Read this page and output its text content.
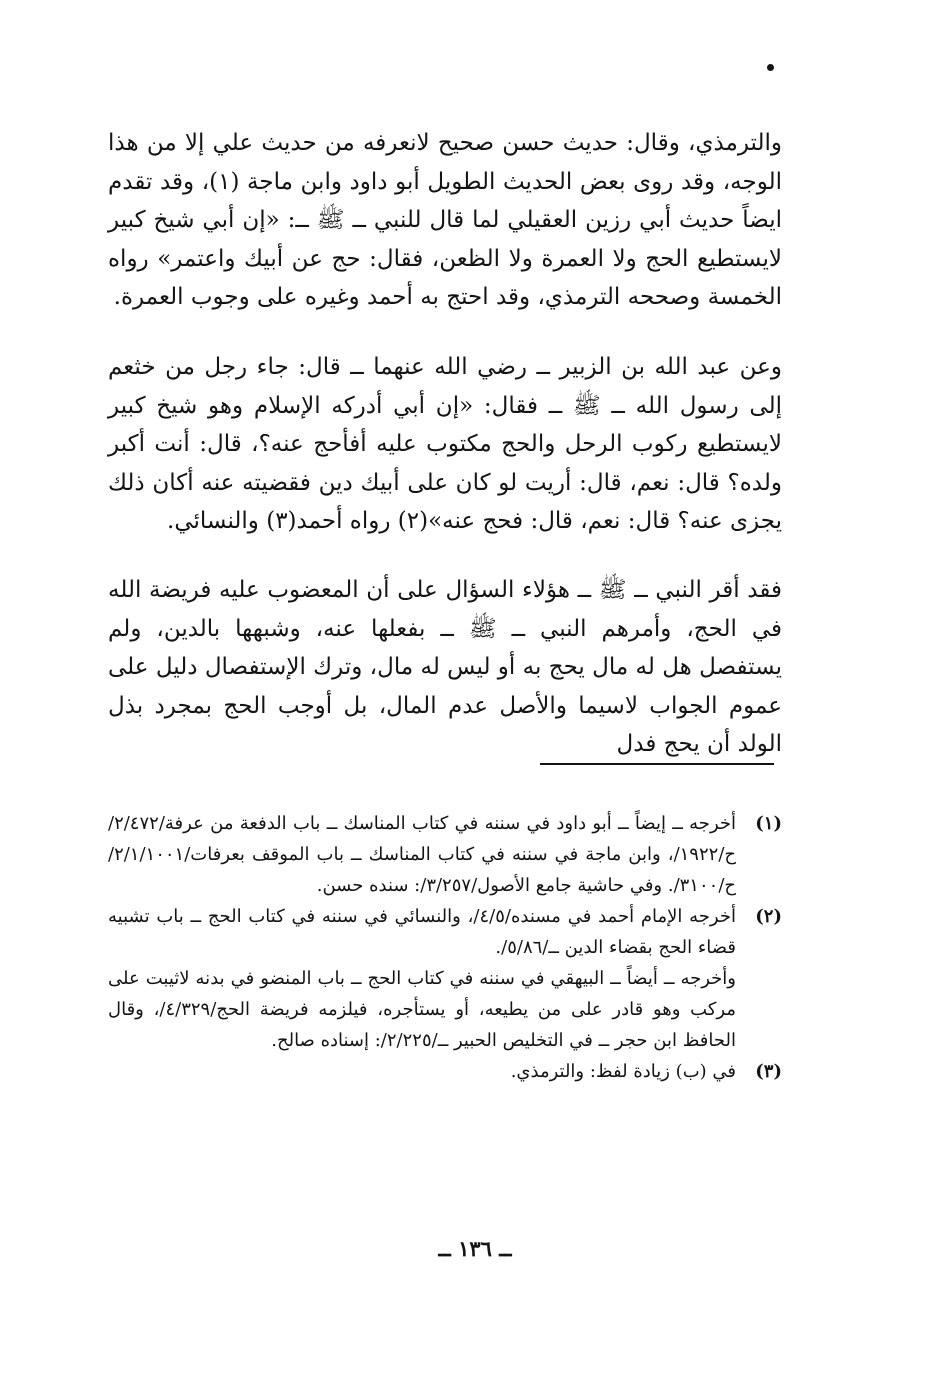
والترمذي، وقال: حديث حسن صحيح لانعرفه من حديث علي إلا من هذا الوجه، وقد روى بعض الحديث الطويل أبو داود وابن ماجة (١)، وقد تقدم ايضاً حديث أبي رزين العقيلي لما قال للنبي ــ ﷺ ــ: «إن أبي شيخ كبير لايستطيع الحج ولا العمرة ولا الظعن، فقال: حج عن أبيك واعتمر» رواه الخمسة وصححه الترمذي، وقد احتج به أحمد وغيره على وجوب العمرة.
وعن عبد الله بن الزبير ــ رضي الله عنهما ــ قال: جاء رجل من خثعم إلى رسول الله ــ ﷺ ــ فقال: «إن أبي أدركه الإسلام وهو شيخ كبير لايستطيع ركوب الرحل والحج مكتوب عليه أفأحج عنه؟، قال: أنت أكبر ولده؟ قال: نعم، قال: أريت لو كان على أبيك دين فقضيته عنه أكان ذلك يجزى عنه؟ قال: نعم، قال: فحج عنه»(٢) رواه أحمد(٣) والنسائي.
فقد أقر النبي ــ ﷺ ــ هؤلاء السؤال على أن المعضوب عليه فريضة الله في الحج، وأمرهم النبي ــ ﷺ ــ بفعلها عنه، وشبهها بالدين، ولم يستفصل هل له مال يحج به أو ليس له مال، وترك الإستفصال دليل على عموم الجواب لاسيما والأصل عدم المال، بل أوجب الحج بمجرد بذل الولد أن يحج فدل
(١)

أخرجه ــ إيضاً ــ أبو داود في سننه في كتاب المناسك ــ باب الدفعة من عرفة/٢/٤٧٢/ح/١٩٢٢/، وابن ماجة في سننه في كتاب المناسك ــ باب الموقف بعرفات/٢/١/١٠٠١/ح/٣١٠٠/. وفي حاشية جامع الأصول/٣/٢٥٧/: سنده حسن.

(٢)

أخرجه الإمام أحمد في مسنده/٤/٥/، والنسائي في سننه في كتاب الحج ــ باب تشبيه قضاء الحج بقضاء الدين ــ/٥/٨٦/.

وأخرجه ــ أيضاً ــ البيهقي في سننه في كتاب الحج ــ باب المنضو في بدنه لاثيبت على مركب وهو قادر على من يطيعه، أو يستأجره، فيلزمه فريضة الحج/٤/٣٢٩/، وقال الحافظ ابن حجر ــ في التخليص الحبير ــ/٢/٢٢٥/: إسناده صالح.

(٣)

في (ب) زيادة لفظ: والترمذي.

ــ ١٣٦ ــ
